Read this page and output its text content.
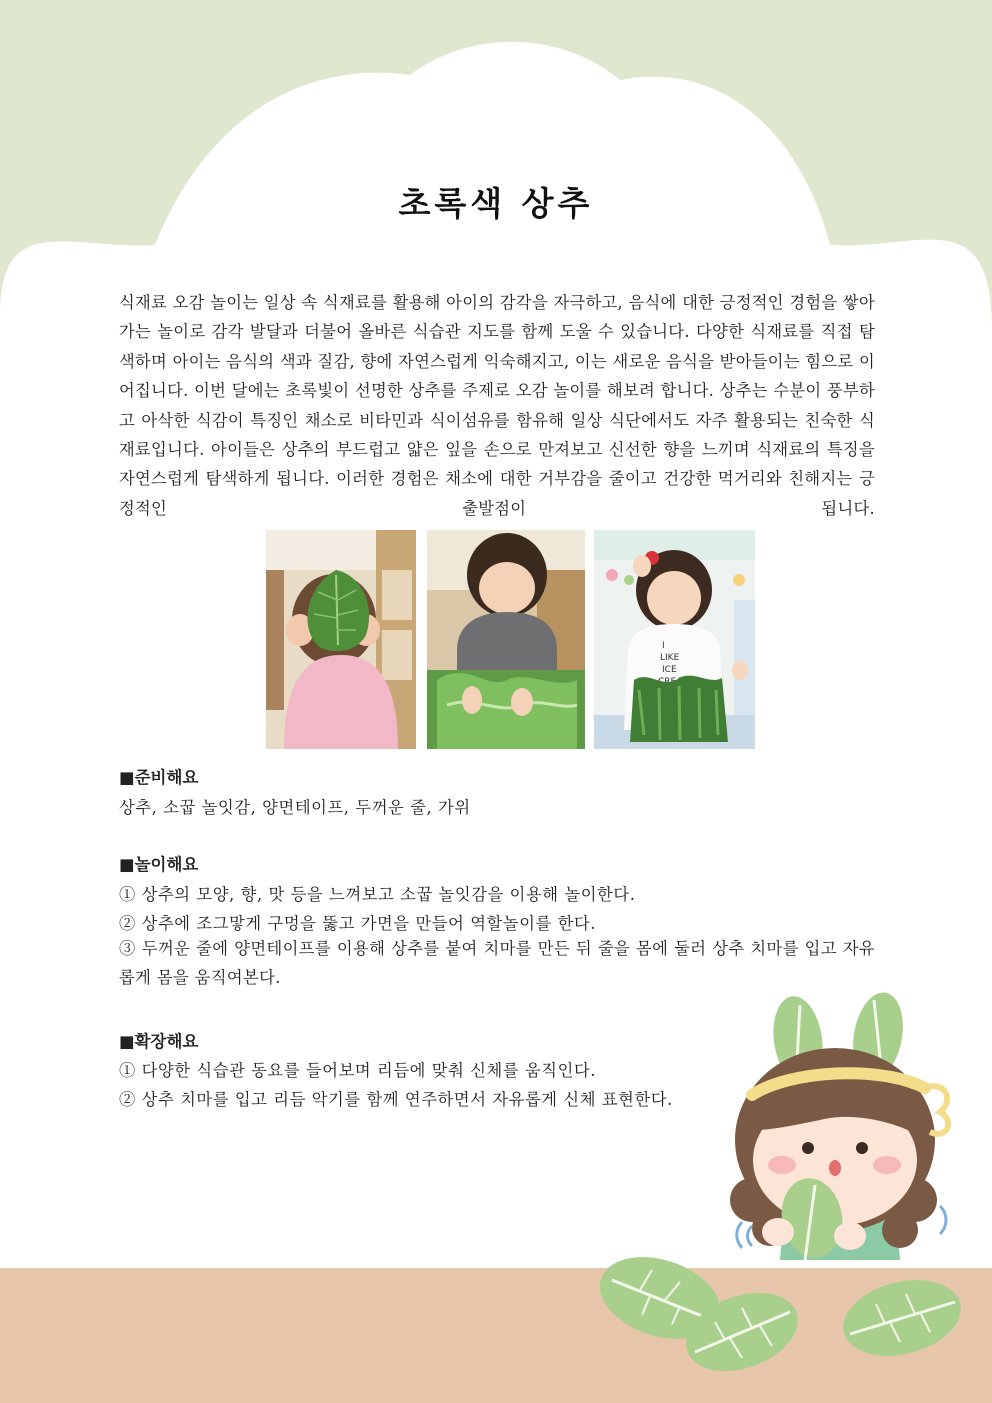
초록색 상추
식재료 오감 놀이는 일상 속 식재료를 활용해 아이의 감각을 자극하고, 음식에 대한 긍정적인 경험을 쌓아가는 놀이로 감각 발달과 더불어 올바른 식습관 지도를 함께 도울 수 있습니다. 다양한 식재료를 직접 탐색하며 아이는 음식의 색과 질감, 향에 자연스럽게 익숙해지고, 이는 새로운 음식을 받아들이는 힘으로 이어집니다. 이번 달에는 초록빛이 선명한 상추를 주제로 오감 놀이를 해보려 합니다. 상추는 수분이 풍부하고 아삭한 식감이 특징인 채소로 비타민과 식이섬유를 함유해 일상 식단에서도 자주 활용되는 친숙한 식재료입니다. 아이들은 상추의 부드럽고 얇은 잎을 손으로 만져보고 신선한 향을 느끼며 식재료의 특징을 자연스럽게 탐색하게 됩니다. 이러한 경험은 채소에 대한 거부감을 줄이고 건강한 먹거리와 친해지는 긍정적인 출발점이 됩니다.
I
LIKE
ICE
■준비해요
상추, 소꿉 놀잇감, 양면테이프, 두꺼운 줄, 가위
■놀이해요
① 상추의 모양, 향, 맛 등을 느껴보고 소꿉 놀잇감을 이용해 놀이한다.
② 상추에 조그맣게 구멍을 뚫고 가면을 만들어 역할놀이를 한다.
③ 두꺼운 줄에 양면테이프를 이용해 상추를 붙여 치마를 만든 뒤 줄을 몸에 둘러 상추 치마를 입고 자유롭게 몸을 움직여본다.
■확장해요
① 다양한 식습관 동요를 들어보며 리듬에 맞춰 신체를 움직인다.
② 상추 치마를 입고 리듬 악기를 함께 연주하면서 자유롭게 신체 표현한다.
